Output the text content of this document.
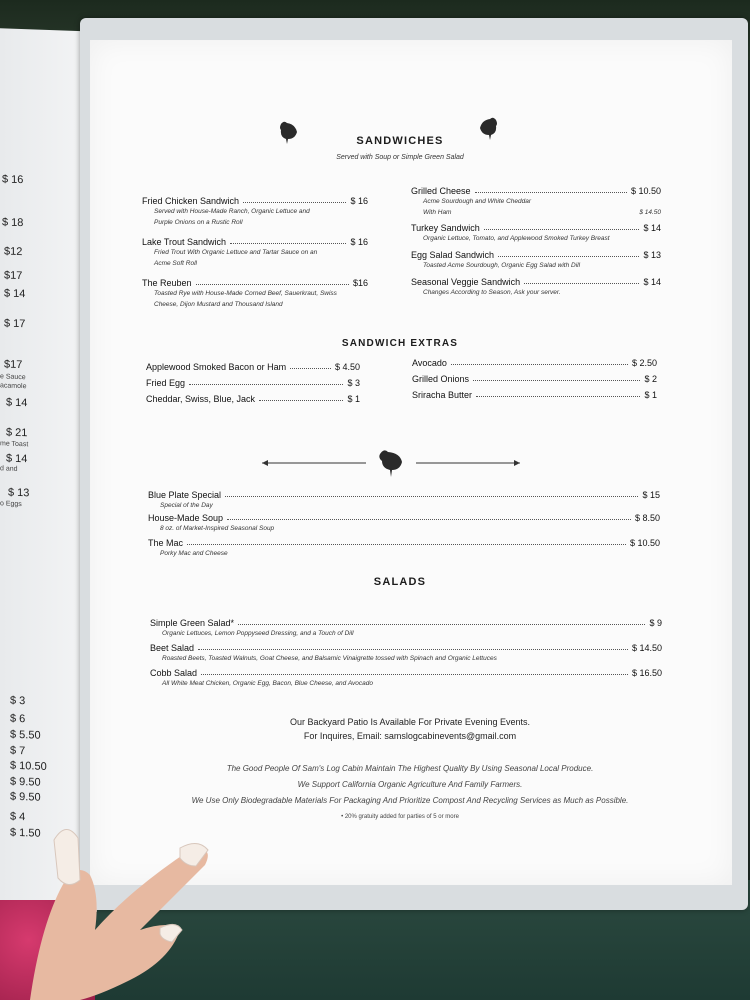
$ 16
$ 18
$12
$17
$ 14
$ 17
$17
e Sauce
acamole
$ 14
$ 21
me Toast
$ 14
d and
$ 13
o Eggs
$ 3
$ 6
$ 5.50
$ 7
$ 10.50
$ 9.50
$ 9.50
$ 4
$ 1.50
SANDWICHES
Served with Soup or Simple Green Salad
Fried Chicken Sandwich	$ 16
Served with House-Made Ranch, Organic Lettuce and
Purple Onions on a Rustic Roll
Lake Trout Sandwich	$ 16
Fried Trout With Organic Lettuce and Tartar Sauce on an
Acme Soft Roll
The Reuben	$16
Toasted Rye with House-Made Corned Beef, Sauerkraut, Swiss
Cheese, Dijon Mustard and Thousand Island
Grilled Cheese	$ 10.50
Acme Sourdough and White Cheddar
With Ham	$ 14.50
Turkey Sandwich	$ 14
Organic Lettuce, Tomato, and Applewood Smoked Turkey Breast
Egg Salad Sandwich	$ 13
Toasted Acme Sourdough, Organic Egg Salad with Dill
Seasonal Veggie Sandwich	$ 14
Changes According to Season, Ask your server.
SANDWICH EXTRAS
Applewood Smoked Bacon or Ham	$ 4.50
Fried Egg	$ 3
Cheddar, Swiss, Blue, Jack	$ 1
Avocado	$ 2.50
Grilled Onions	$ 2
Sriracha Butter	$ 1
Blue Plate Special	$ 15
Special of the Day
House-Made Soup	$ 8.50
8 oz. of Market-Inspired Seasonal Soup
The Mac	$ 10.50
Porky Mac and Cheese
SALADS
Simple Green Salad*	$ 9
Organic Lettuces, Lemon Poppyseed Dressing, and a Touch of Dill
Beet Salad	$ 14.50
Roasted Beets, Toasted Walnuts, Goat Cheese, and Balsamic Vinaigrette tossed with Spinach and Organic Lettuces
Cobb Salad	$ 16.50
All White Meat Chicken, Organic Egg, Bacon, Blue Cheese, and Avocado
Our Backyard Patio Is Available For Private Evening Events.
For Inquires, Email: samslogcabinevents@gmail.com
The Good People Of Sam's Log Cabin Maintain The Highest Quality By Using Seasonal Local Produce.
We Support California Organic Agriculture And Family Farmers.
We Use Only Biodegradable Materials For Packaging And Prioritize Compost And Recycling Services as Much as Possible.
• 20% gratuity added for parties of 5 or more
